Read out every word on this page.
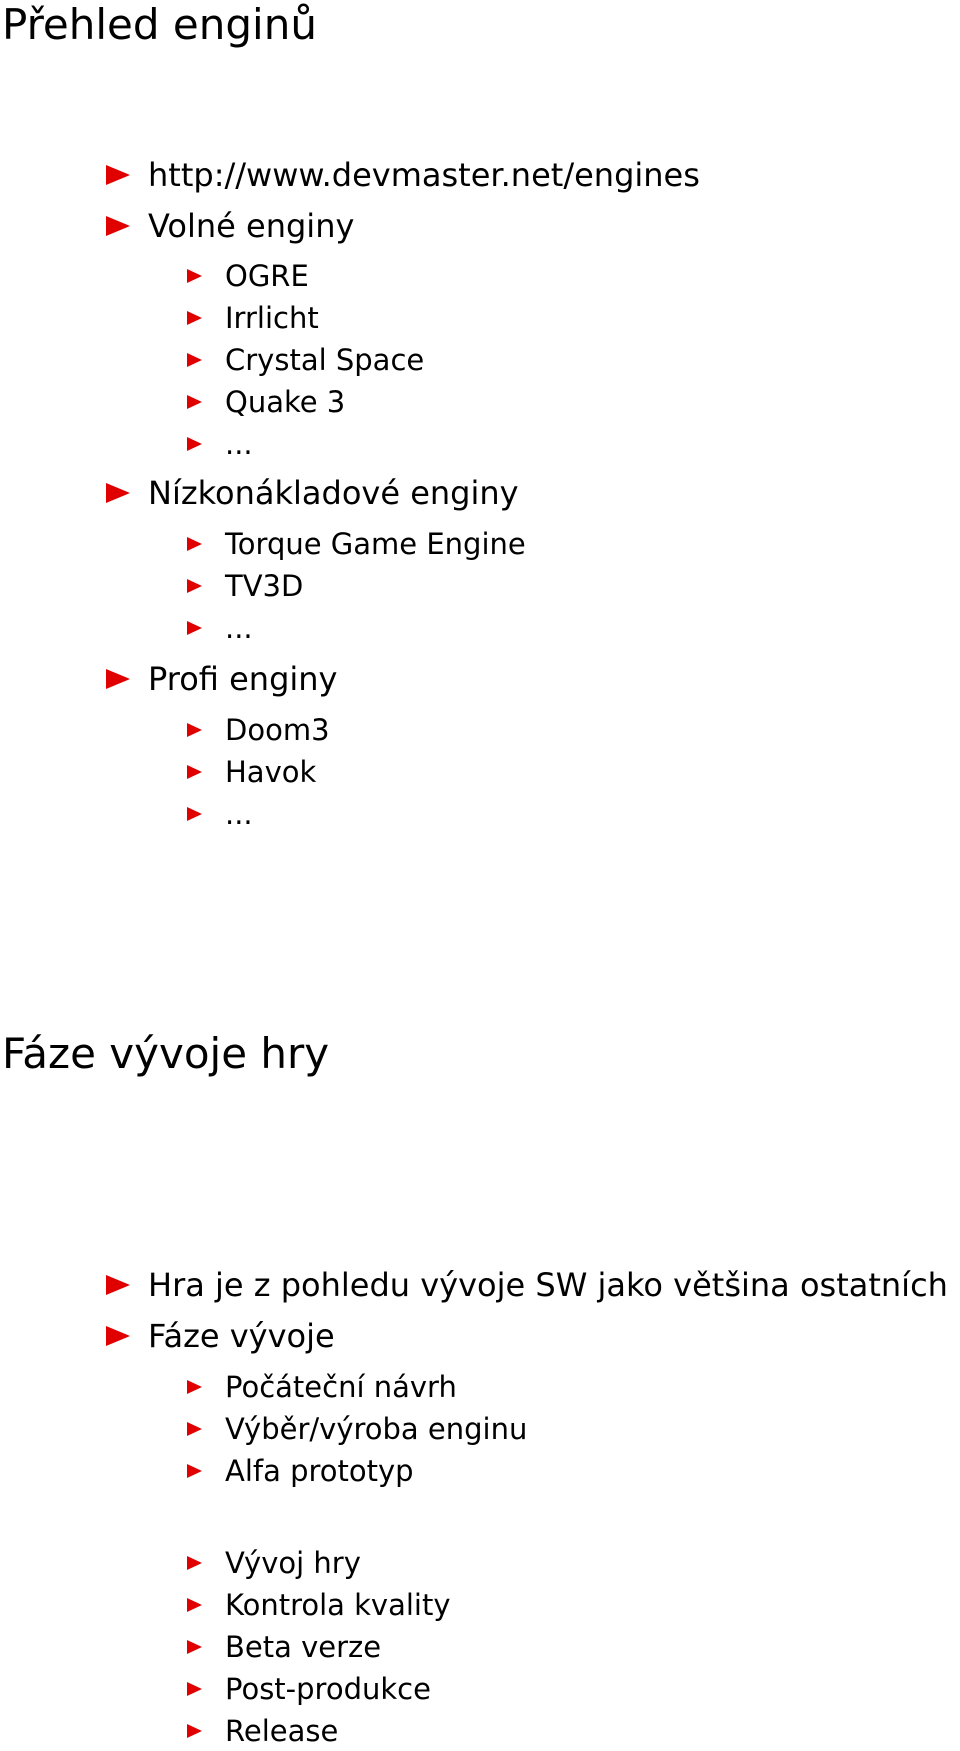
Přehled enginů
http://www.devmaster.net/engines
Volné enginy
OGRE
Irrlicht
Crystal Space
Quake 3
...
Nízkonákladové enginy
Torque Game Engine
TV3D
...
Profi enginy
Doom3
Havok
...
Fáze vývoje hry
Hra je z pohledu vývoje SW jako většina ostatních
Fáze vývoje
Počáteční návrh
Výběr/výroba enginu
Alfa prototyp
Vývoj hry
Kontrola kvality
Beta verze
Post-produkce
Release
